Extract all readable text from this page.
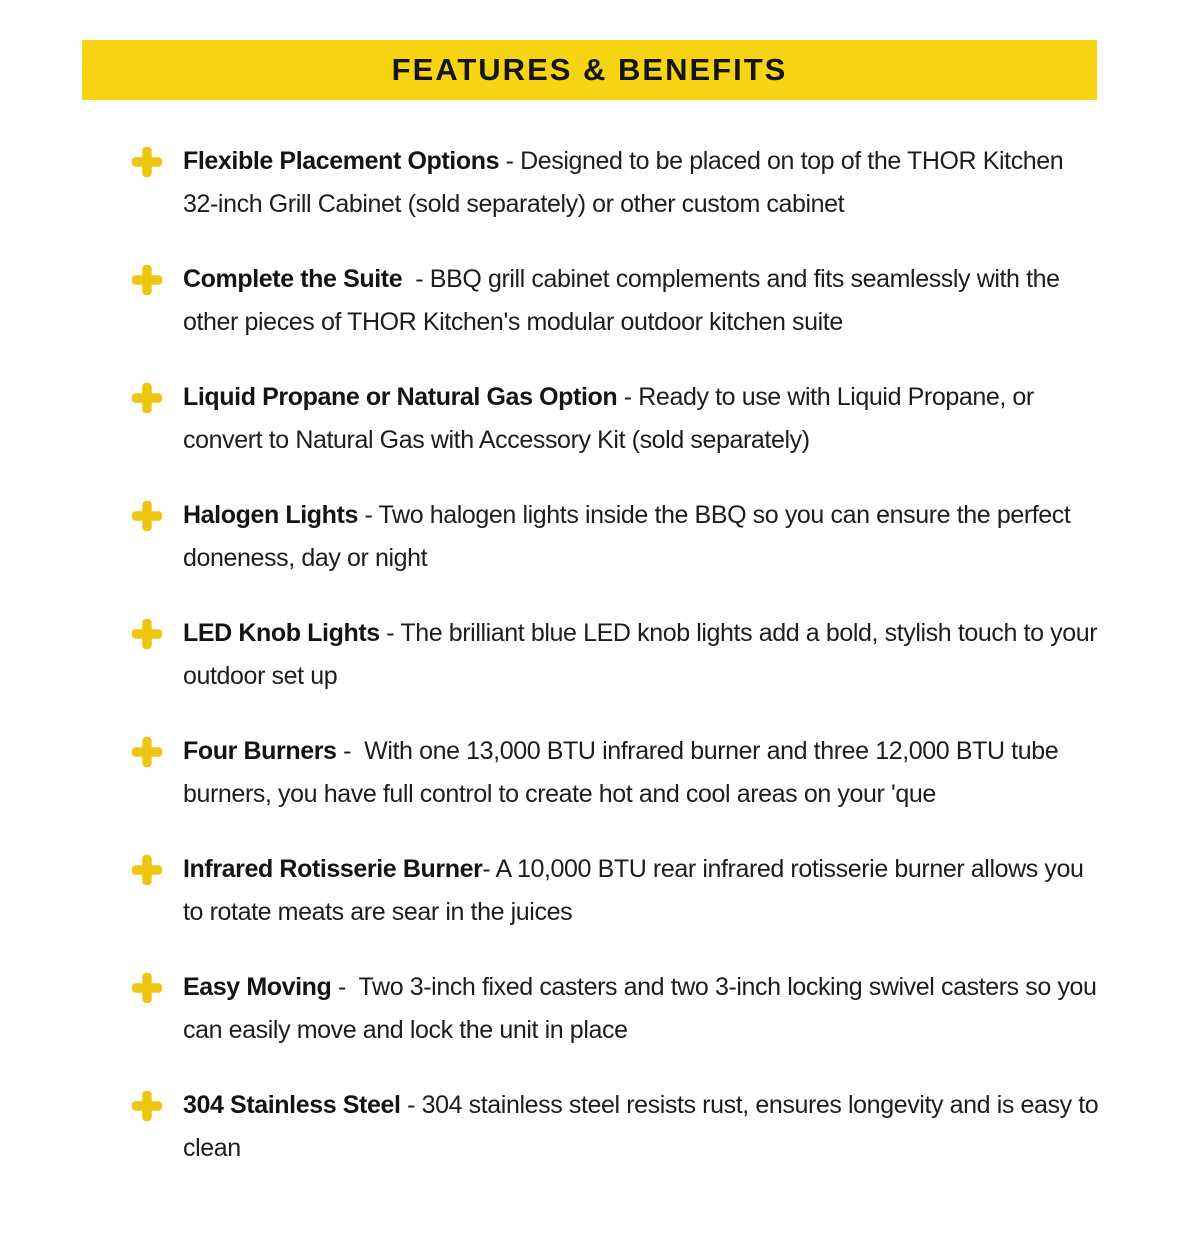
FEATURES & BENEFITS

Flexible Placement Options - Designed to be placed on top of the THOR Kitchen 32-inch Grill Cabinet (sold separately) or other custom cabinet

Complete the Suite  - BBQ grill cabinet complements and fits seamlessly with the other pieces of THOR Kitchen's modular outdoor kitchen suite

Liquid Propane or Natural Gas Option - Ready to use with Liquid Propane, or convert to Natural Gas with Accessory Kit (sold separately)

Halogen Lights - Two halogen lights inside the BBQ so you can ensure the perfect doneness, day or night

LED Knob Lights - The brilliant blue LED knob lights add a bold, stylish touch to your outdoor set up

Four Burners -  With one 13,000 BTU infrared burner and three 12,000 BTU tube burners, you have full control to create hot and cool areas on your 'que

Infrared Rotisserie Burner- A 10,000 BTU rear infrared rotisserie burner allows you to rotate meats are sear in the juices

Easy Moving -  Two 3-inch fixed casters and two 3-inch locking swivel casters so you can easily move and lock the unit in place

304 Stainless Steel - 304 stainless steel resists rust, ensures longevity and is easy to clean
